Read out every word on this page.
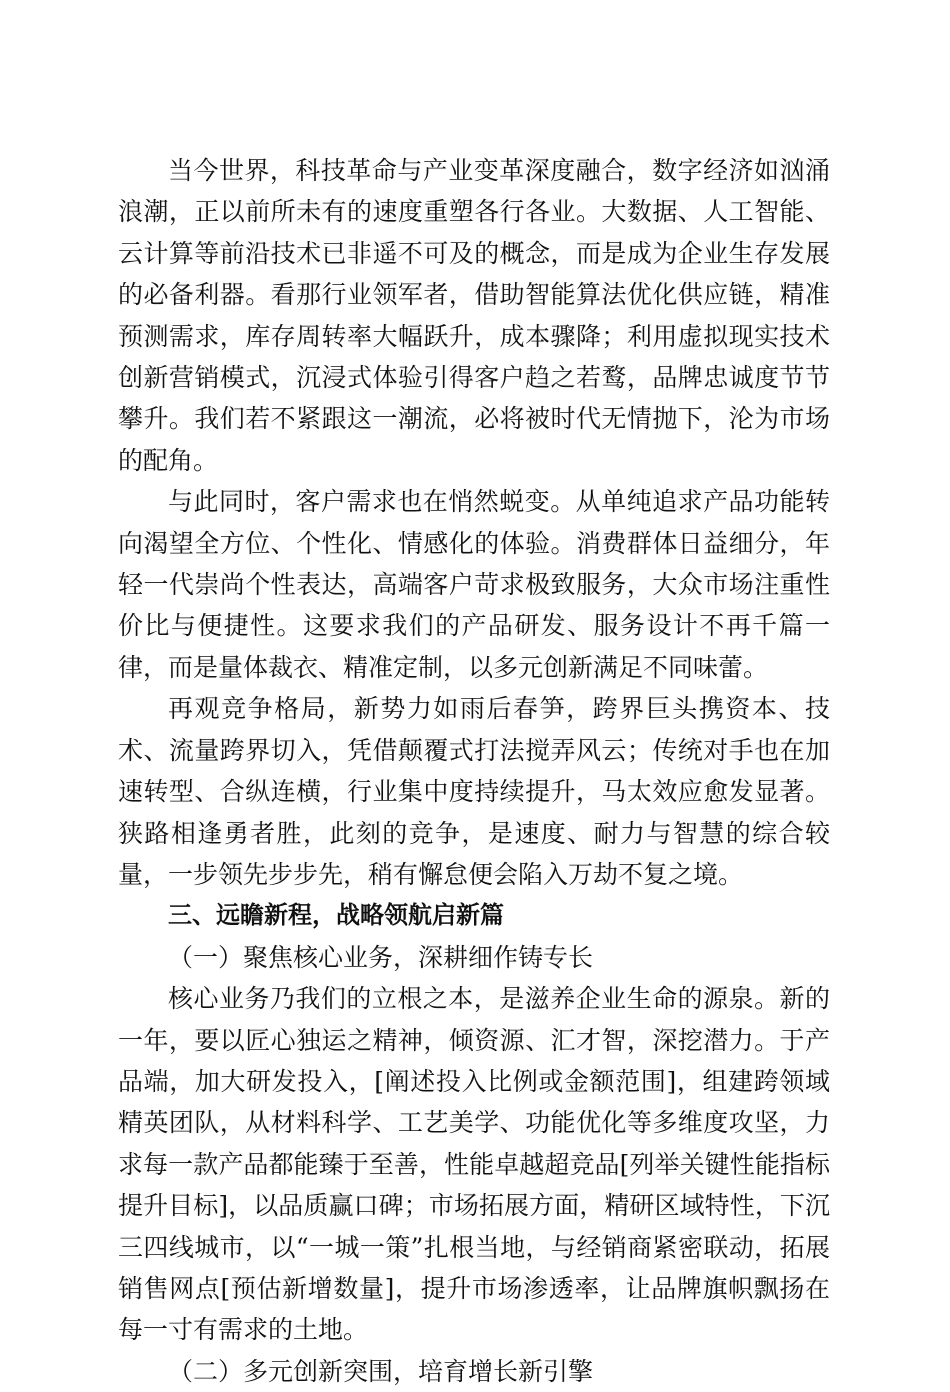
当今世界，科技革命与产业变革深度融合，数字经济如汹涌浪潮，正以前所未有的速度重塑各行各业。大数据、人工智能、云计算等前沿技术已非遥不可及的概念，而是成为企业生存发展的必备利器。看那行业领军者，借助智能算法优化供应链，精准预测需求，库存周转率大幅跃升，成本骤降；利用虚拟现实技术创新营销模式，沉浸式体验引得客户趋之若鹜，品牌忠诚度节节攀升。我们若不紧跟这一潮流，必将被时代无情抛下，沦为市场的配角。

与此同时，客户需求也在悄然蜕变。从单纯追求产品功能转向渴望全方位、个性化、情感化的体验。消费群体日益细分，年轻一代崇尚个性表达，高端客户苛求极致服务，大众市场注重性价比与便捷性。这要求我们的产品研发、服务设计不再千篇一律，而是量体裁衣、精准定制，以多元创新满足不同味蕾。

再观竞争格局，新势力如雨后春笋，跨界巨头携资本、技术、流量跨界切入，凭借颠覆式打法搅弄风云；传统对手也在加速转型、合纵连横，行业集中度持续提升，马太效应愈发显著。狭路相逢勇者胜，此刻的竞争，是速度、耐力与智慧的综合较量，一步领先步步先，稍有懈怠便会陷入万劫不复之境。

三、远瞻新程，战略领航启新篇

（一）聚焦核心业务，深耕细作铸专长

核心业务乃我们的立根之本，是滋养企业生命的源泉。新的一年，要以匠心独运之精神，倾资源、汇才智，深挖潜力。于产品端，加大研发投入，[阐述投入比例或金额范围]，组建跨领域精英团队，从材料科学、工艺美学、功能优化等多维度攻坚，力求每一款产品都能臻于至善，性能卓越超竞品[列举关键性能指标提升目标]，以品质赢口碑；市场拓展方面，精研区域特性，下沉三四线城市，以“一城一策”扎根当地，与经销商紧密联动，拓展销售网点[预估新增数量]，提升市场渗透率，让品牌旗帜飘扬在每一寸有需求的土地。

（二）多元创新突围，培育增长新引擎
